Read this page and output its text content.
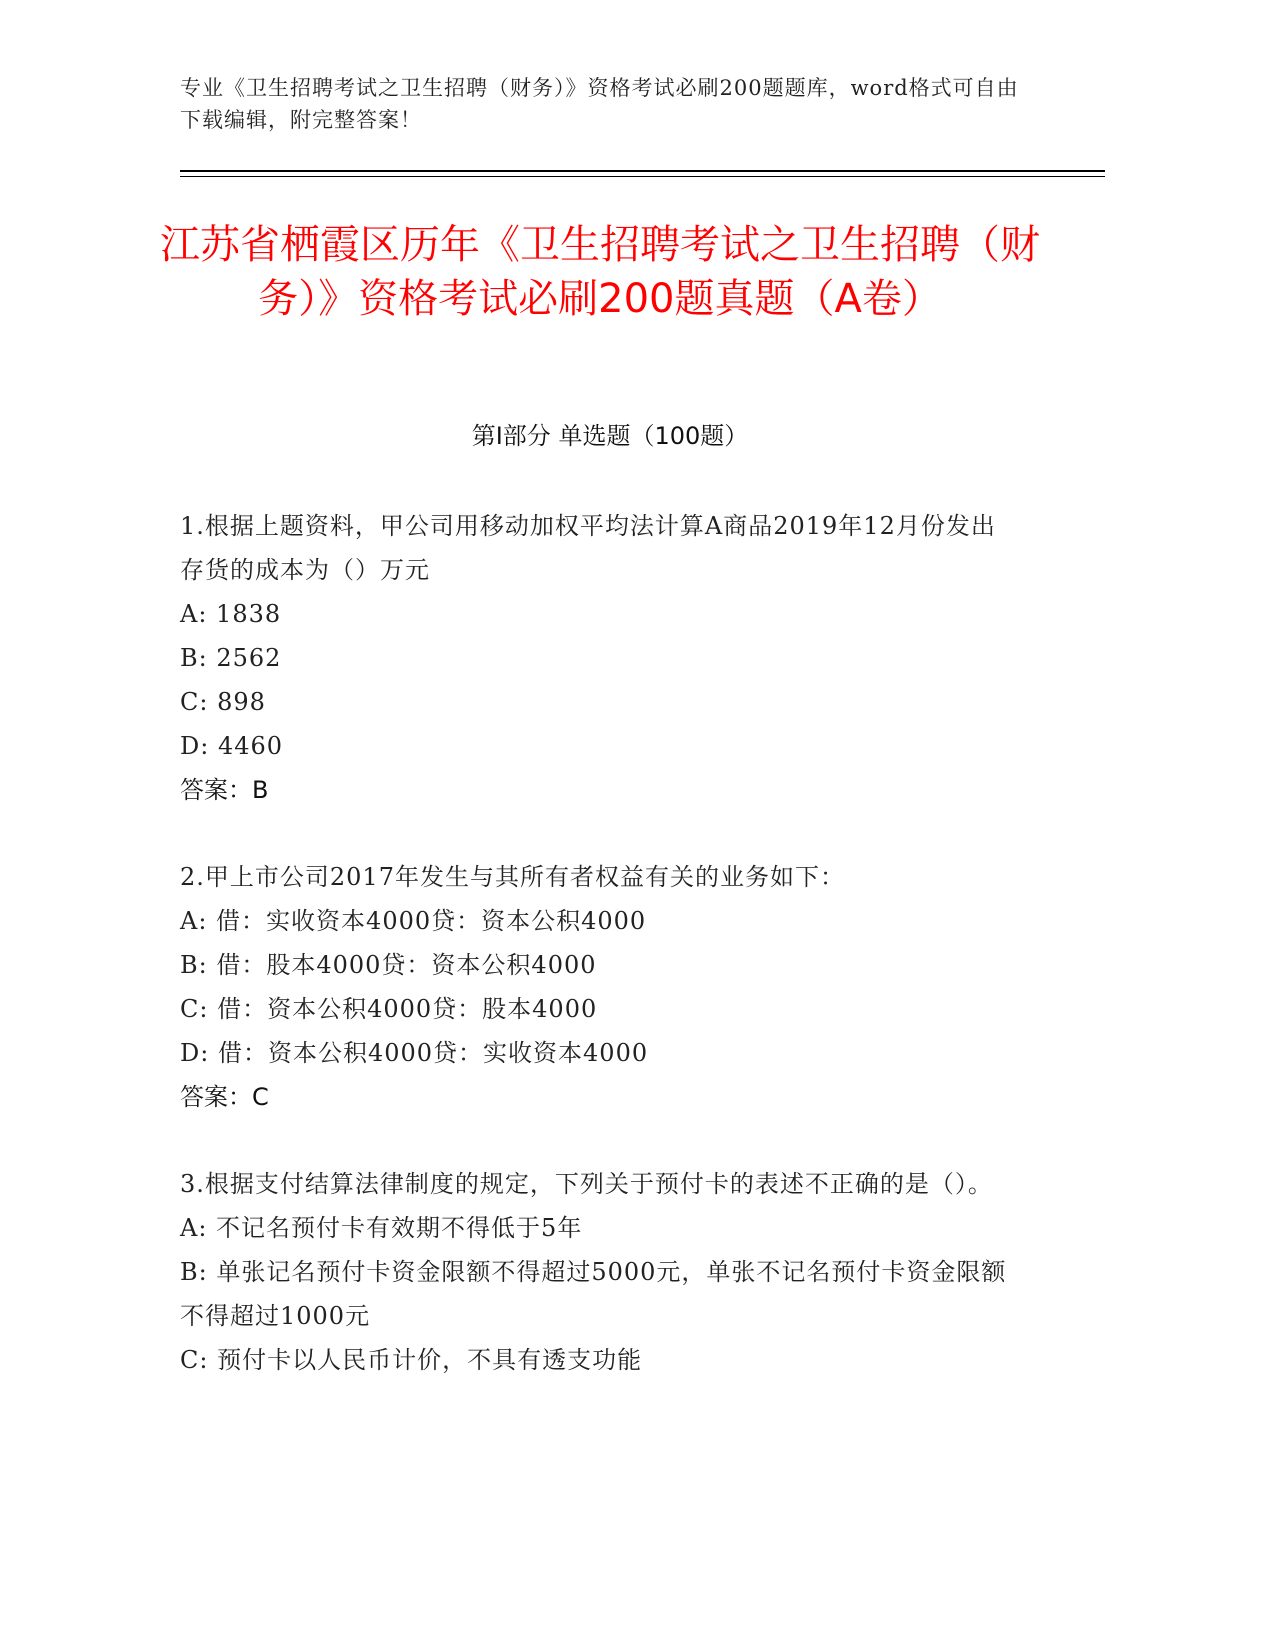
专业《卫生招聘考试之卫生招聘（财务）》资格考试必刷200题题库，word格式可自由下载编辑，附完整答案！
江苏省栖霞区历年《卫生招聘考试之卫生招聘（财务）》资格考试必刷200题真题（A卷）
第I部分 单选题（100题）

1.根据上题资料，甲公司用移动加权平均法计算A商品2019年12月份发出存货的成本为（）万元

A: 1838

B: 2562

C: 898

D: 4460

答案：B

2.甲上市公司2017年发生与其所有者权益有关的业务如下：

A: 借：实收资本4000贷：资本公积4000

B: 借：股本4000贷：资本公积4000

C: 借：资本公积4000贷：股本4000

D: 借：资本公积4000贷：实收资本4000

答案：C

3.根据支付结算法律制度的规定，下列关于预付卡的表述不正确的是（）。

A: 不记名预付卡有效期不得低于5年

B: 单张记名预付卡资金限额不得超过5000元，单张不记名预付卡资金限额不得超过1000元

C: 预付卡以人民币计价，不具有透支功能
